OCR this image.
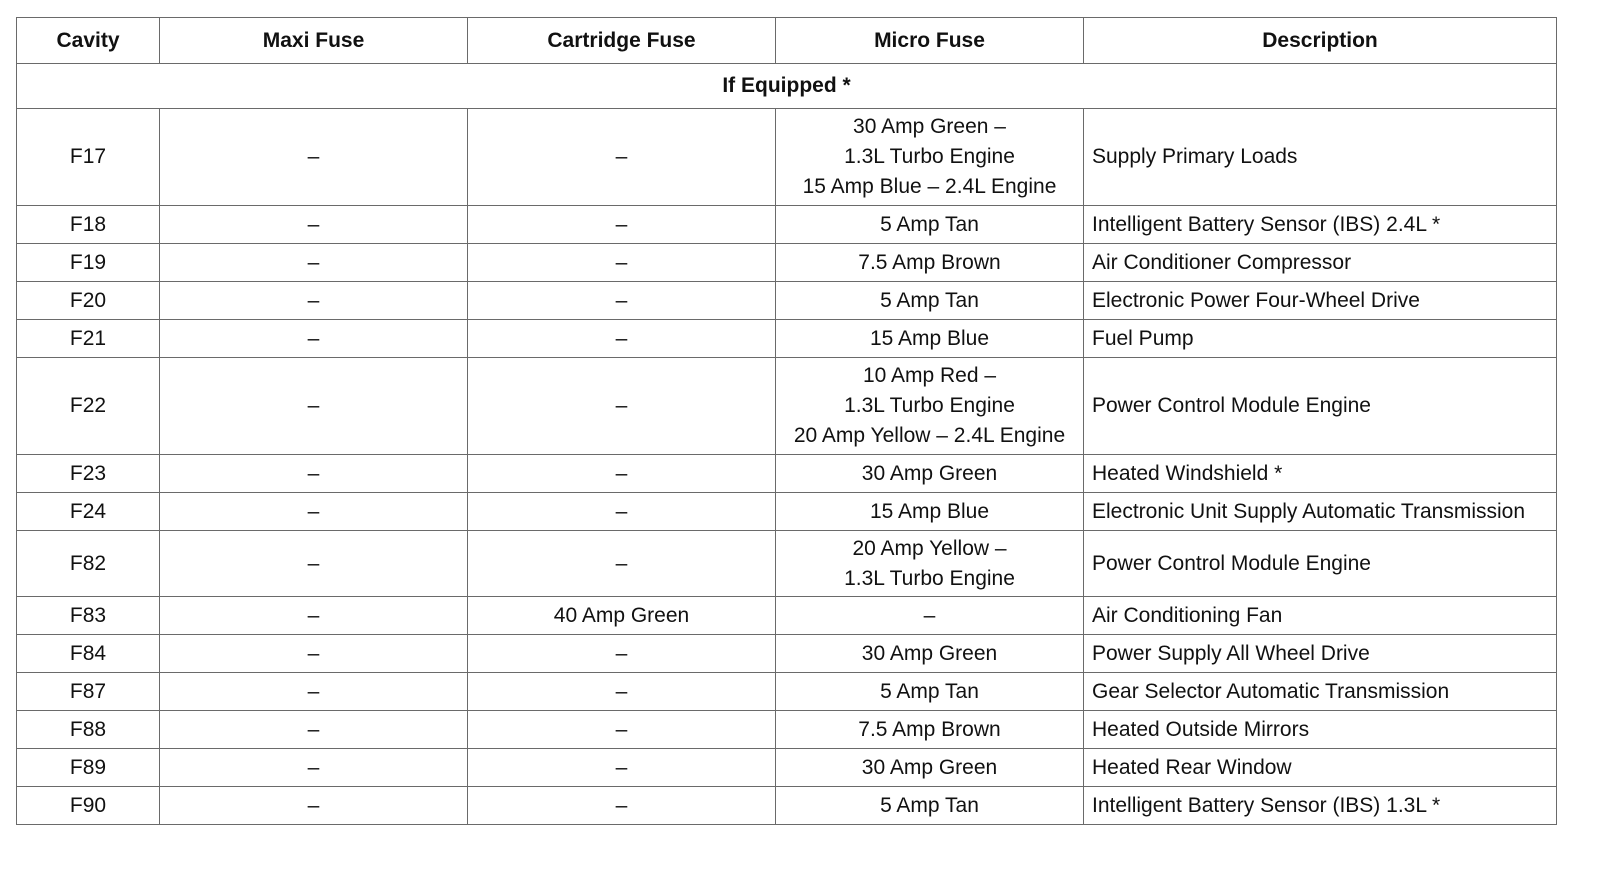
Cavity	Maxi Fuse	Cartridge Fuse	Micro Fuse	Description
If Equipped *				
F17	–	–	30 Amp Green –
1.3L Turbo Engine
15 Amp Blue – 2.4L Engine	Supply Primary Loads
F18	–	–	5 Amp Tan	Intelligent Battery Sensor (IBS) 2.4L *
F19	–	–	7.5 Amp Brown	Air Conditioner Compressor
F20	–	–	5 Amp Tan	Electronic Power Four-Wheel Drive
F21	–	–	15 Amp Blue	Fuel Pump
F22	–	–	10 Amp Red –
1.3L Turbo Engine
20 Amp Yellow – 2.4L Engine	Power Control Module Engine
F23	–	–	30 Amp Green	Heated Windshield *
F24	–	–	15 Amp Blue	Electronic Unit Supply Automatic Transmission
F82	–	–	20 Amp Yellow –
1.3L Turbo Engine	Power Control Module Engine
F83	–	40 Amp Green	–	Air Conditioning Fan
F84	–	–	30 Amp Green	Power Supply All Wheel Drive
F87	–	–	5 Amp Tan	Gear Selector Automatic Transmission
F88	–	–	7.5 Amp Brown	Heated Outside Mirrors
F89	–	–	30 Amp Green	Heated Rear Window
F90	–	–	5 Amp Tan	Intelligent Battery Sensor (IBS) 1.3L *
